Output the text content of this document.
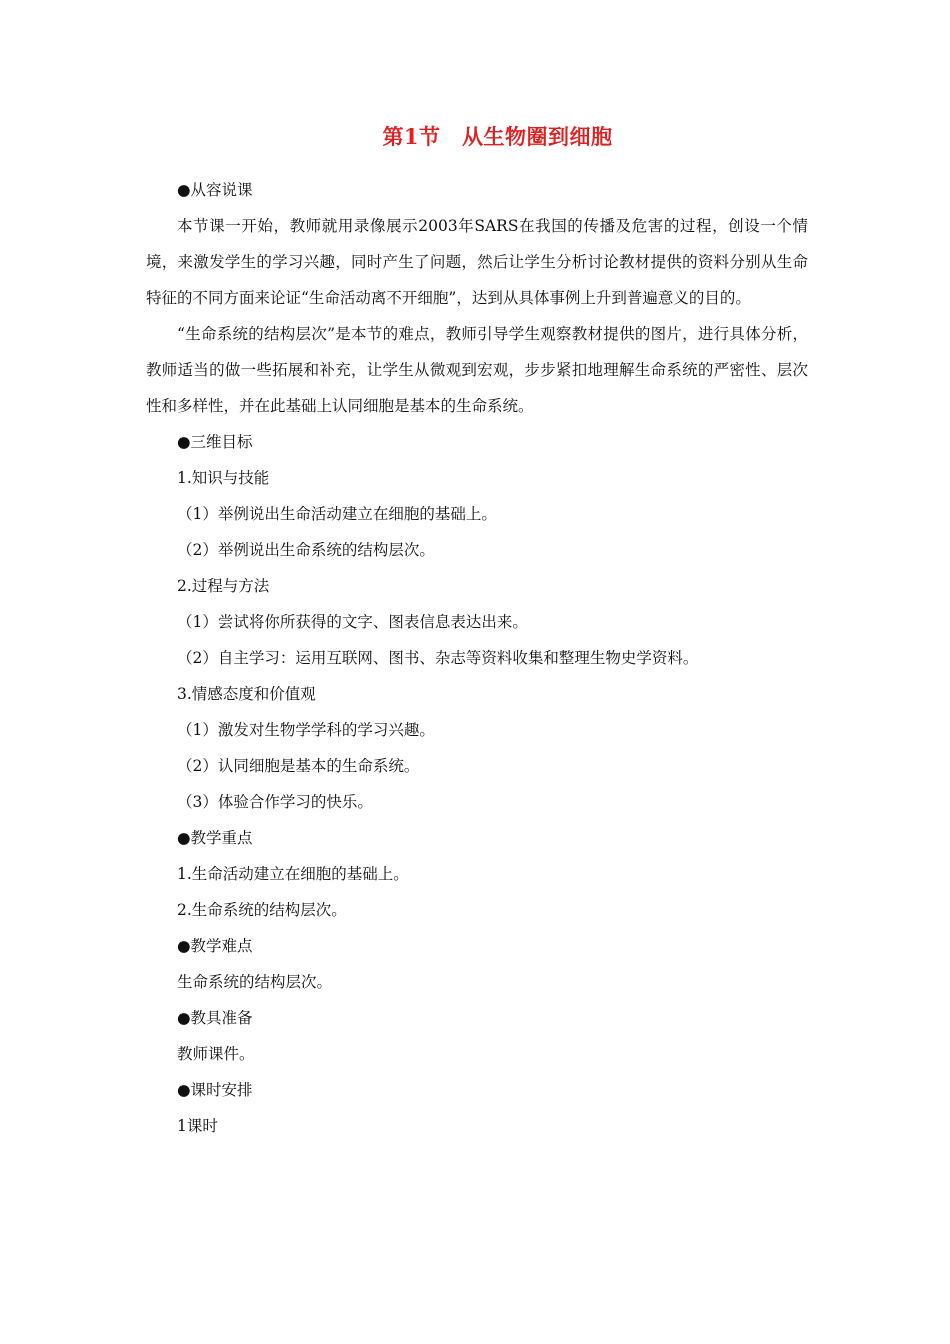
第1节　从生物圈到细胞
●从容说课

本节课一开始，教师就用录像展示2003年SARS在我国的传播及危害的过程，创设一个情境，来激发学生的学习兴趣，同时产生了问题，然后让学生分析讨论教材提供的资料分别从生命特征的不同方面来论证“生命活动离不开细胞”，达到从具体事例上升到普遍意义的目的。

“生命系统的结构层次”是本节的难点，教师引导学生观察教材提供的图片，进行具体分析，教师适当的做一些拓展和补充，让学生从微观到宏观，步步紧扣地理解生命系统的严密性、层次性和多样性，并在此基础上认同细胞是基本的生命系统。

●三维目标
1.知识与技能
（1）举例说出生命活动建立在细胞的基础上。
（2）举例说出生命系统的结构层次。
2.过程与方法
（1）尝试将你所获得的文字、图表信息表达出来。
（2）自主学习：运用互联网、图书、杂志等资料收集和整理生物史学资料。
3.情感态度和价值观
（1）激发对生物学学科的学习兴趣。
（2）认同细胞是基本的生命系统。
（3）体验合作学习的快乐。
●教学重点
1.生命活动建立在细胞的基础上。
2.生命系统的结构层次。
●教学难点
生命系统的结构层次。
●教具准备
教师课件。
●课时安排
1课时
